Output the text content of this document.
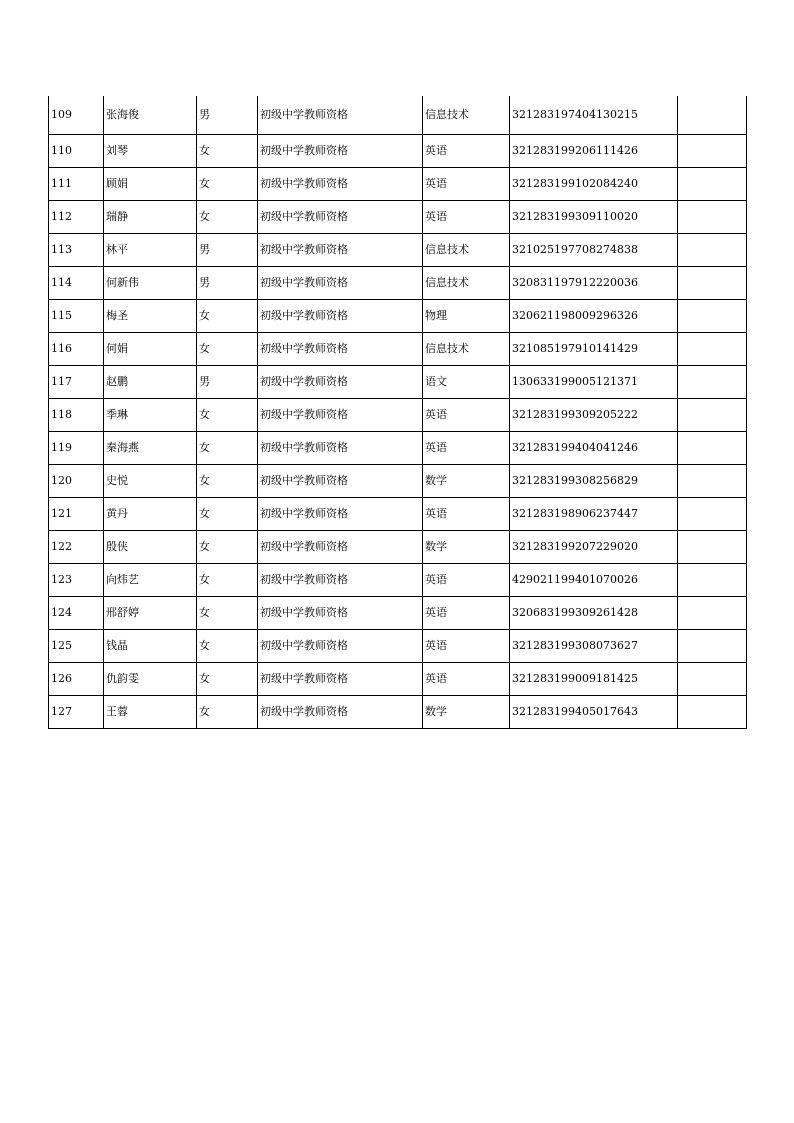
109	张海俊	男	初级中学教师资格	信息技术	321283197404130215	
110	刘琴	女	初级中学教师资格	英语	321283199206111426	
111	顾娟	女	初级中学教师资格	英语	321283199102084240	
112	瑞静	女	初级中学教师资格	英语	321283199309110020	
113	林平	男	初级中学教师资格	信息技术	321025197708274838	
114	何新伟	男	初级中学教师资格	信息技术	320831197912220036	
115	梅圣	女	初级中学教师资格	物理	320621198009296326	
116	何娟	女	初级中学教师资格	信息技术	321085197910141429	
117	赵鹏	男	初级中学教师资格	语文	130633199005121371	
118	季琳	女	初级中学教师资格	英语	321283199309205222	
119	秦海燕	女	初级中学教师资格	英语	321283199404041246	
120	史悦	女	初级中学教师资格	数学	321283199308256829	
121	黄丹	女	初级中学教师资格	英语	321283198906237447	
122	殷侠	女	初级中学教师资格	数学	321283199207229020	
123	向炜艺	女	初级中学教师资格	英语	429021199401070026	
124	邢舒婷	女	初级中学教师资格	英语	320683199309261428	
125	钱晶	女	初级中学教师资格	英语	321283199308073627	
126	仇韵雯	女	初级中学教师资格	英语	321283199009181425	
127	王蓉	女	初级中学教师资格	数学	321283199405017643	
